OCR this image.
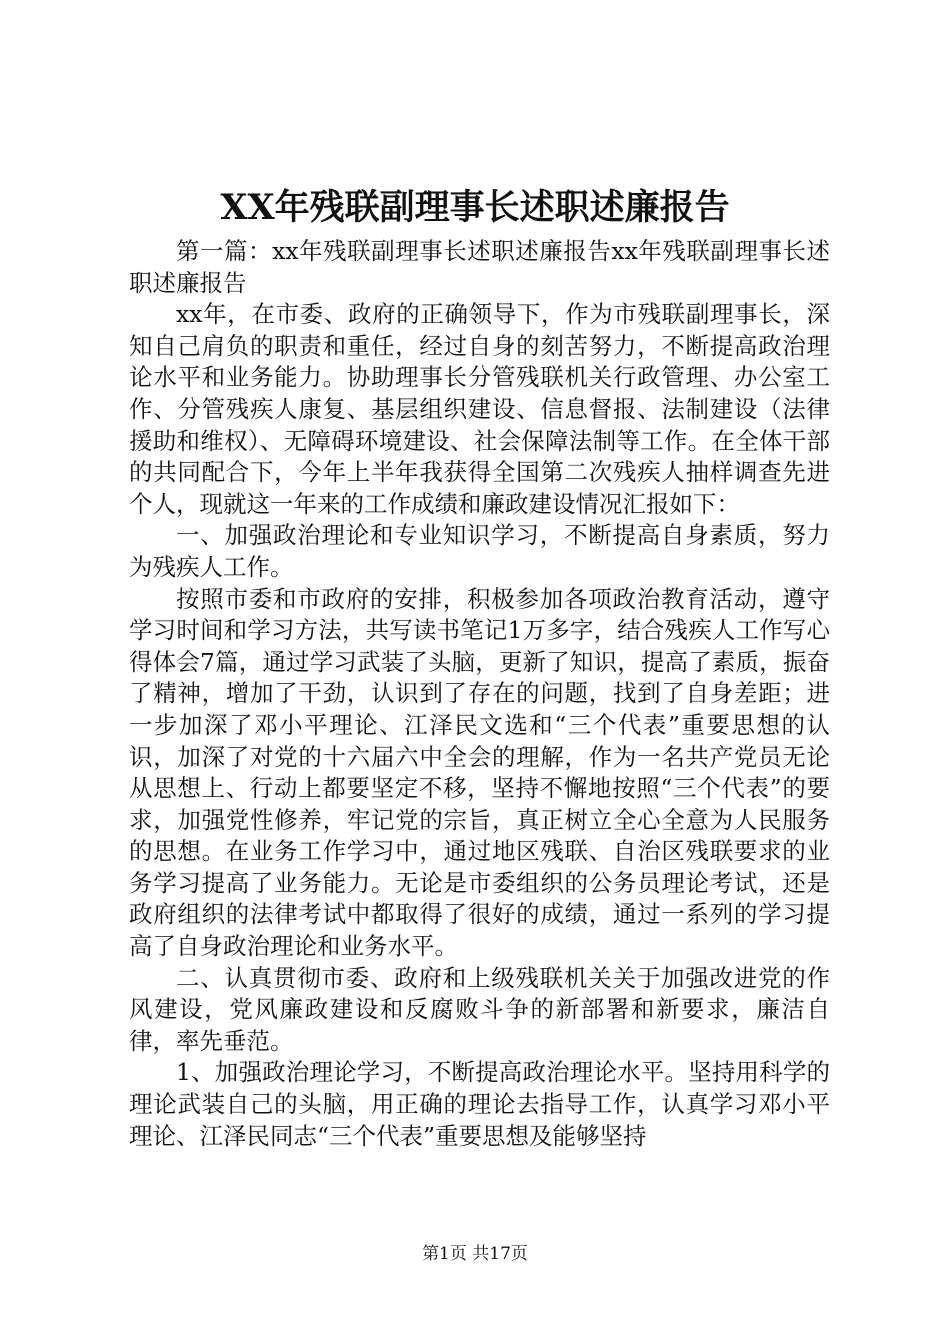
XX年残联副理事长述职述廉报告

第一篇：xx年残联副理事长述职述廉报告xx年残联副理事长述职述廉报告

xx年，在市委、政府的正确领导下，作为市残联副理事长，深知自己肩负的职责和重任，经过自身的刻苦努力，不断提高政治理论水平和业务能力。协助理事长分管残联机关行政管理、办公室工作、分管残疾人康复、基层组织建设、信息督报、法制建设（法律援助和维权）、无障碍环境建设、社会保障法制等工作。在全体干部的共同配合下，今年上半年我获得全国第二次残疾人抽样调查先进个人，现就这一年来的工作成绩和廉政建设情况汇报如下：

一、加强政治理论和专业知识学习，不断提高自身素质，努力为残疾人工作。

按照市委和市政府的安排，积极参加各项政治教育活动，遵守学习时间和学习方法，共写读书笔记1万多字，结合残疾人工作写心得体会7篇，通过学习武装了头脑，更新了知识，提高了素质，振奋了精神，增加了干劲，认识到了存在的问题，找到了自身差距；进一步加深了邓小平理论、江泽民文选和“三个代表”重要思想的认识，加深了对党的十六届六中全会的理解，作为一名共产党员无论从思想上、行动上都要坚定不移，坚持不懈地按照“三个代表”的要求，加强党性修养，牢记党的宗旨，真正树立全心全意为人民服务的思想。在业务工作学习中，通过地区残联、自治区残联要求的业务学习提高了业务能力。无论是市委组织的公务员理论考试，还是政府组织的法律考试中都取得了很好的成绩，通过一系列的学习提高了自身政治理论和业务水平。

二、认真贯彻市委、政府和上级残联机关关于加强改进党的作风建设，党风廉政建设和反腐败斗争的新部署和新要求，廉洁自律，率先垂范。

1、加强政治理论学习，不断提高政治理论水平。坚持用科学的理论武装自己的头脑，用正确的理论去指导工作，认真学习邓小平理论、江泽民同志“三个代表”重要思想及能够坚持

第1页 共17页
